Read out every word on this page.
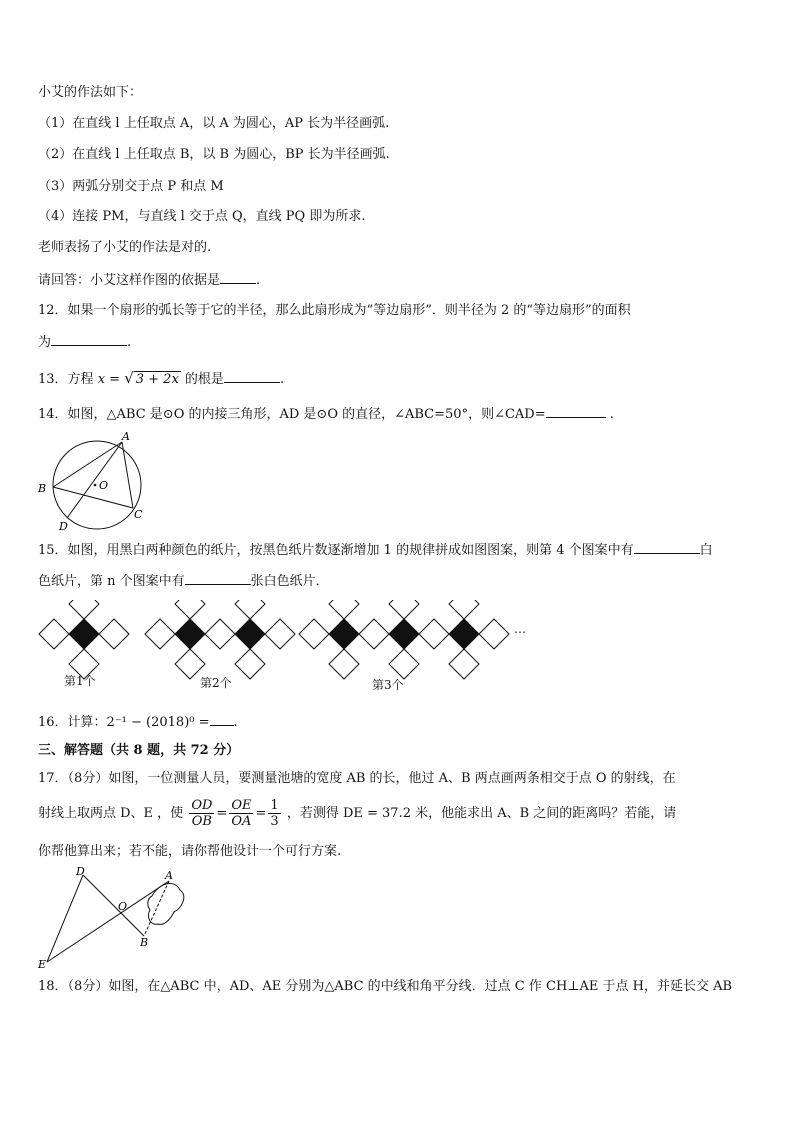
小艾的作法如下：
（1）在直线 l 上任取点 A，以 A 为圆心，AP 长为半径画弧.
（2）在直线 l 上任取点 B，以 B 为圆心，BP 长为半径画弧.
（3）两弧分别交于点 P 和点 M
（4）连接 PM，与直线 l 交于点 Q，直线 PQ 即为所求.
老师表扬了小艾的作法是对的.
请回答：小艾这样作图的依据是	.
12．如果一个扇形的弧长等于它的半径，那么此扇形成为“等边扇形”．则半径为 2 的“等边扇形”的面积
为	.
13．方程 x = √ 3 + 2x 的根是	.
14．如图，△ABC 是⊙O 的内接三角形，AD 是⊙O 的直径，∠ABC=50°，则∠CAD=	.
A
B
C
D
O
15．如图，用黑白两种颜色的纸片，按黑色纸片数逐渐增加 1 的规律拼成如图图案，则第 4 个图案中有	白
色纸片，第 n 个图案中有	张白色纸片．
第1个	第2个	第3个
…
16．计算：2⁻¹ − (2018)⁰ = .
三、解答题（共 8 题，共 72 分）
17．（8分）如图，一位测量人员，要测量池塘的宽度 AB 的长，他过 A、B 两点画两条相交于点 O 的射线，在
射线上取两点 D、E ，使 $\frac{OD}{OB} = \frac{OE}{OA} = \frac{1}{3}$ ，若测得 DE = 37.2 米，他能求出 A、B 之间的距离吗？若能，请
你帮他算出来；若不能，请你帮他设计一个可行方案.
D
O
A
B
E
18．（8分）如图，在△ABC 中，AD、AE 分别为△ABC 的中线和角平分线．过点 C 作 CH⊥AE 于点 H，并延长交 AB
